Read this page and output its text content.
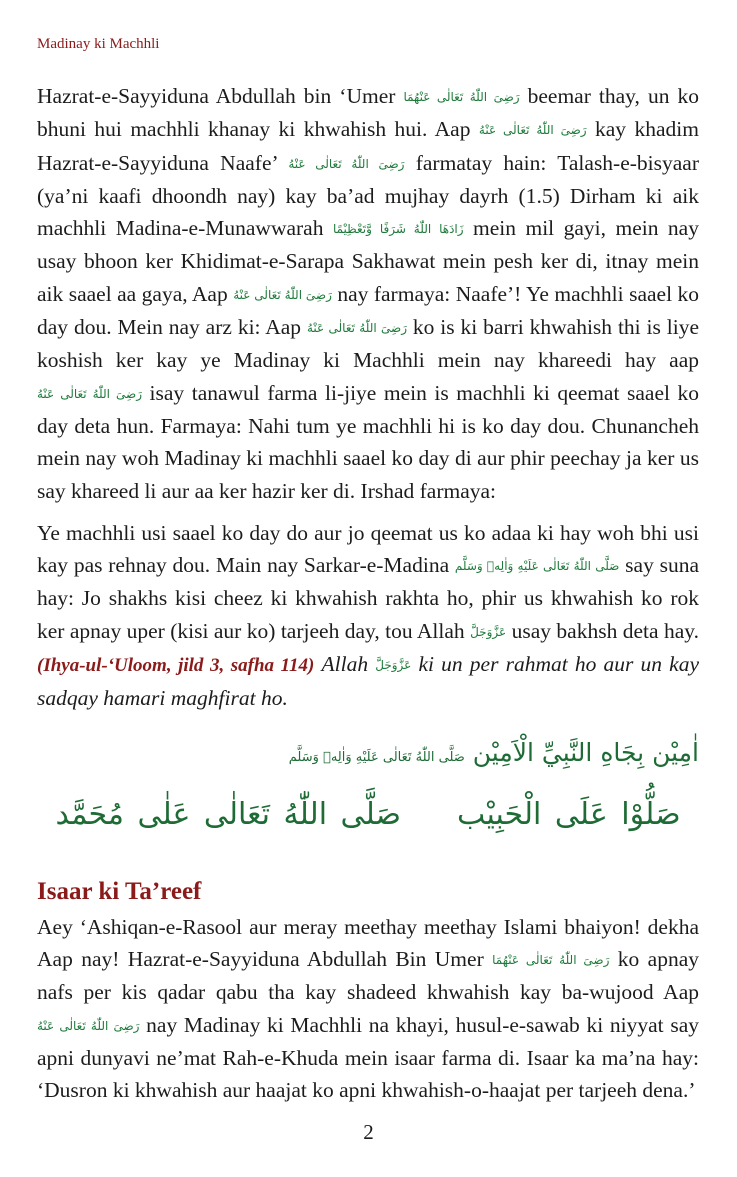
Madinay ki Machhli

Hazrat-e-Sayyiduna Abdullah bin ‘Umer رَضِیَ اللّٰهُ تَعَالٰی عَنْهُمَا beemar thay, un ko bhuni hui machhli khanay ki khwahish hui. Aap رَضِیَ اللّٰهُ تَعَالٰی عَنْهُ kay khadim Hazrat-e-Sayyiduna Naafe’ رَضِیَ اللّٰهُ تَعَالٰی عَنْهُ farmatay hain: Talash-e-bisyaar (ya’ni kaafi dhoondh nay) kay ba’ad mujhay dayrh (1.5) Dirham ki aik machhli Madina-e-Munawwarah زَادَهَا اللّٰهُ شَرَفًا وَّتَعْظِيْمًا mein mil gayi, mein nay usay bhoon ker Khidimat-e-Sarapa Sakhawat mein pesh ker di, itnay mein aik saael aa gaya, Aap رَضِیَ اللّٰهُ تَعَالٰی عَنْهُ nay farmaya: Naafe’! Ye machhli saael ko day dou. Mein nay arz ki: Aap رَضِیَ اللّٰهُ تَعَالٰی عَنْهُ ko is ki barri khwahish thi is liye koshish ker kay ye Madinay ki Machhli mein nay khareedi hay aap رَضِیَ اللّٰهُ تَعَالٰی عَنْهُ isay tanawul farma li-jiye mein is machhli ki qeemat saael ko day deta hun. Farmaya: Nahi tum ye machhli hi is ko day dou. Chunancheh mein nay woh Madinay ki machhli saael ko day di aur phir peechay ja ker us say khareed li aur aa ker hazir ker di. Irshad farmaya:

Ye machhli usi saael ko day do aur jo qeemat us ko adaa ki hay woh bhi usi kay pas rehnay dou. Main nay Sarkar-e-Madina صَلَّى اللّٰهُ تَعَالٰى عَلَيْهِ وَاٰلِهٖ وَسَلَّم say suna hay: Jo shakhs kisi cheez ki khwahish rakhta ho, phir us khwahish ko rok ker apnay uper (kisi aur ko) tarjeeh day, tou Allah عَزَّوَجَلَّ usay bakhsh deta hay. (Ihya-ul-‘Uloom, jild 3, safha 114) Allah عَزَّوَجَلَّ ki un per rahmat ho aur un kay sadqay hamari maghfirat ho.

اٰمِيْن بِجَاهِ النَّبِيِّ الْاَمِيْن صَلَّى اللّٰهُ تَعَالٰى عَلَيْهِ وَاٰلِهٖ وَسَلَّم
صَلُّوْا عَلَى الْحَبِيْبصَلَّى اللّٰهُ تَعَالٰى عَلٰى مُحَمَّد
Isaar ki Ta’reef

Aey ‘Ashiqan-e-Rasool aur meray meethay meethay Islami bhaiyon! dekha Aap nay! Hazrat-e-Sayyiduna Abdullah Bin Umer رَضِیَ اللّٰهُ تَعَالٰی عَنْهُمَا ko apnay nafs per kis qadar qabu tha kay shadeed khwahish kay ba-wujood Aap رَضِیَ اللّٰهُ تَعَالٰی عَنْهُ nay Madinay ki Machhli na khayi, husul-e-sawab ki niyyat say apni dunyavi ne’mat Rah-e-Khuda mein isaar farma di. Isaar ka ma’na hay: ‘Dusron ki khwahish aur haajat ko apni khwahish-o-haajat per tarjeeh dena.’

2
